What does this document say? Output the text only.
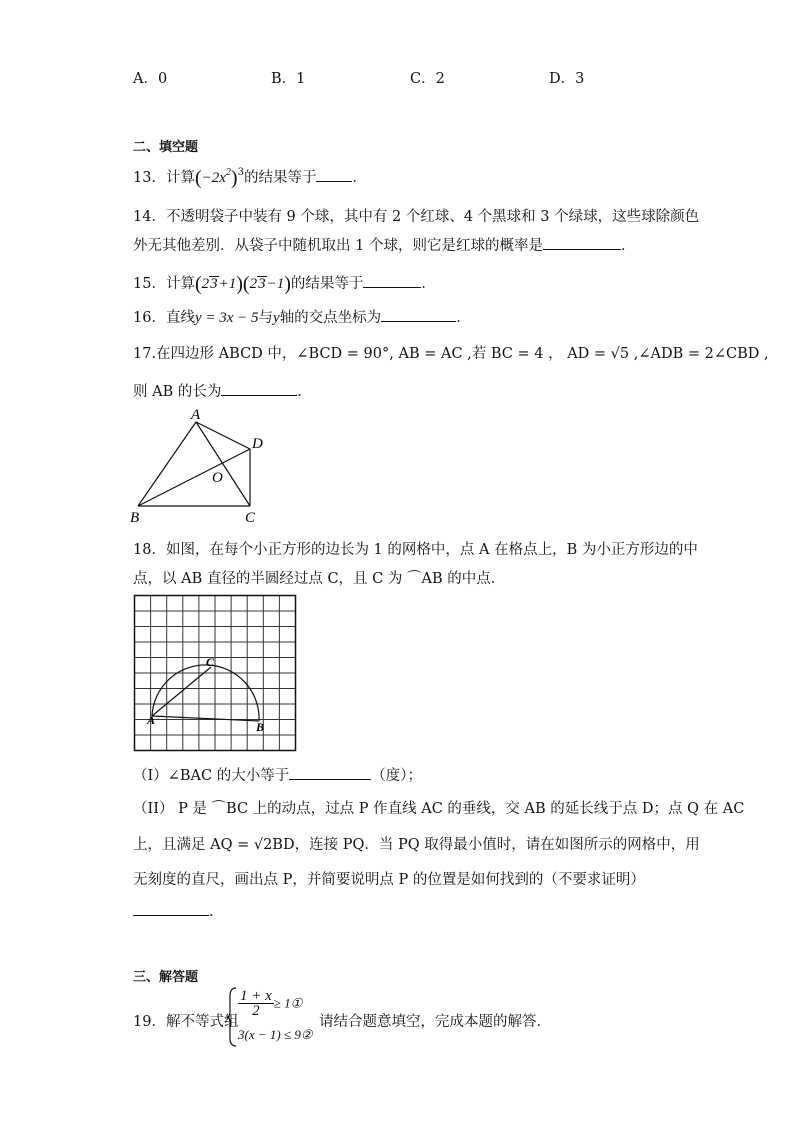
A．0	B．1	C．2	D．3
二、填空题
13．计算$(-2x^2)^3$的结果等于 ．
14．不透明袋子中装有 9 个球，其中有 2 个红球、4 个黑球和 3 个绿球，这些球除颜色
外无其他差别．从袋子中随机取出 1 个球，则它是红球的概率是	．
15．计算(23+1)(23−1)的结果等于	．
16．直线y = 3x − 5与y轴的交点坐标为	．
17.在四边形 ABCD 中，∠BCD = 90°, AB = AC ,若 BC = 4 ， AD = √5 ,∠ADB = 2∠CBD ,
则 AB 的长为	．
A
B	C
D
O
18．如图，在每个小正方形的边长为 1 的网格中，点 A 在格点上，B 为小正方形边的中
点，以 AB 直径的半圆经过点 C，且 C 为 ⌒AB 的中点．
A	B
C
（I）∠BAC 的大小等于	（度）；
（II） P 是 ⌒BC 上的动点，过点 P 作直线 AC 的垂线，交 AB 的延长线于点 D；点 Q 在 AC
上，且满足 AQ = √2BD，连接 PQ．当 PQ 取得最小值时，请在如图所示的网格中，用
无刻度的直尺，画出点 P，并简要说明点 P 的位置是如何找到的（不要求证明）
．
三、解答题
19．解不等式组
$\frac{1 + x}{2}$ ≥ 1①
3(x − 1) ≤ 9②
请结合题意填空，完成本题的解答．
